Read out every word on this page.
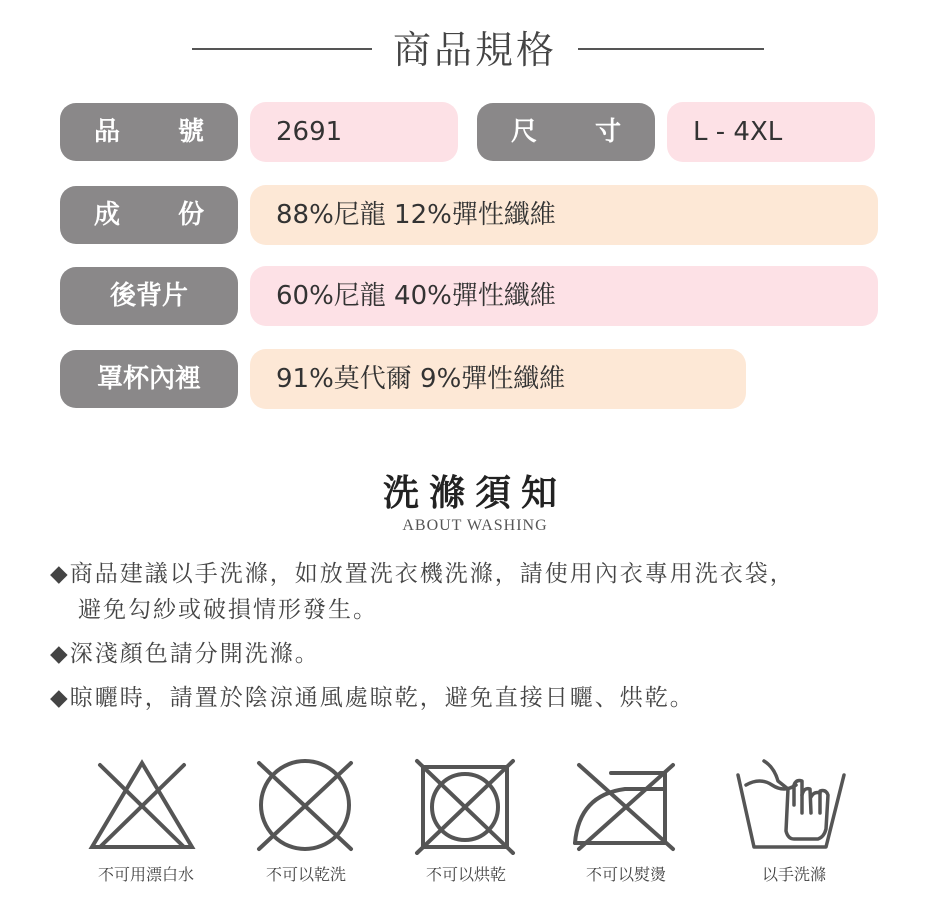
商品規格
品 號	2691	尺 寸	L - 4XL
成 份	88%尼龍 12%彈性纖維
後背片	60%尼龍 40%彈性纖維
罩杯內裡	91%莫代爾 9%彈性纖維
洗滌須知
ABOUT WASHING
◆商品建議以手洗滌，如放置洗衣機洗滌，請使用內衣專用洗衣袋，
避免勾紗或破損情形發生。
◆深淺顏色請分開洗滌。
◆晾曬時，請置於陰涼通風處晾乾，避免直接日曬、烘乾。
不可用漂白水	不可以乾洗	不可以烘乾	不可以熨燙	以手洗滌
